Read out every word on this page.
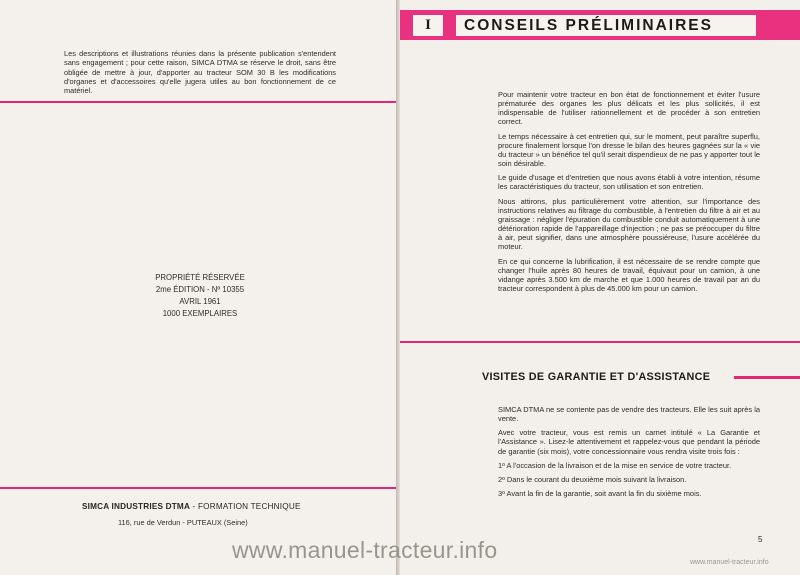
Les descriptions et illustrations réunies dans la présente publication s'entendent sans engagement ; pour cette raison, SIMCA DTMA se réserve le droit, sans être obligée de mettre à jour, d'apporter au tracteur SOM 30 B les modifications d'organes et d'accessoires qu'elle jugera utiles au bon fonctionnement de ce matériel.
PROPRIÉTÉ RÉSERVÉE
2me ÉDITION - Nº 10355
AVRIL 1961
1000 EXEMPLAIRES
SIMCA INDUSTRIES DTMA - FORMATION TECHNIQUE
116, rue de Verdun - PUTEAUX (Seine)
I	CONSEILS PRÉLIMINAIRES

Pour maintenir votre tracteur en bon état de fonctionnement et éviter l'usure prématurée des organes les plus délicats et les plus sollicités, il est indispensable de l'utiliser rationnellement et de procéder à son entretien correct.

Le temps nécessaire à cet entretien qui, sur le moment, peut paraître superflu, procure finalement lorsque l'on dresse le bilan des heures gagnées sur la « vie du tracteur » un bénéfice tel qu'il serait dispendieux de ne pas y apporter tout le soin désirable.

Le guide d'usage et d'entretien que nous avons établi à votre intention, résume les caractéristiques du tracteur, son utilisation et son entretien.

Nous attirons, plus particulièrement votre attention, sur l'importance des instructions relatives au filtrage du combustible, à l'entretien du filtre à air et au graissage : négliger l'épuration du combustible conduit automatiquement à une détérioration rapide de l'appareillage d'injection ; ne pas se préoccuper du filtre à air, peut signifier, dans une atmosphère poussiéreuse, l'usure accélérée du moteur.

En ce qui concerne la lubrification, il est nécessaire de se rendre compte que changer l'huile après 80 heures de travail, équivaut pour un camion, à une vidange après 3.500 km de marche et que 1.000 heures de travail par an du tracteur correspondent à plus de 45.000 km pour un camion.

VISITES DE GARANTIE ET D'ASSISTANCE

SIMCA DTMA ne se contente pas de vendre des tracteurs. Elle les suit après la vente.

Avec votre tracteur, vous est remis un carnet intitulé « La Garantie et l'Assistance ». Lisez-le attentivement et rappelez-vous que pendant la période de garantie (six mois), votre concessionnaire vous rendra visite trois fois :

1º A l'occasion de la livraison et de la mise en service de votre tracteur.

2º Dans le courant du deuxième mois suivant la livraison.

3º Avant la fin de la garantie, soit avant la fin du sixième mois.

5
www.manuel-tracteur.info	www.manuel-tracteur.info
